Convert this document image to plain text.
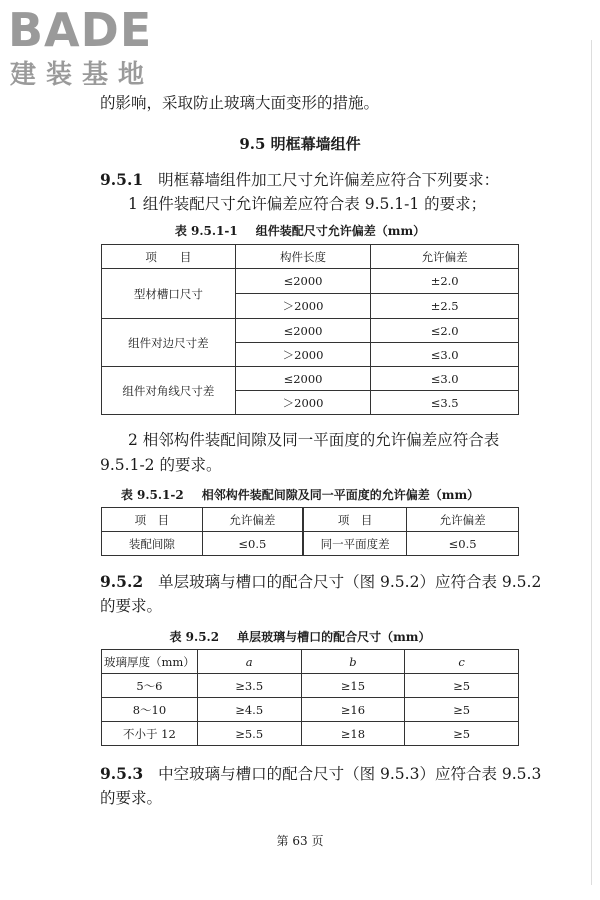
BADE
建装基地
的影响，采取防止玻璃大面变形的措施。
9.5 明框幕墙组件
9.5.1 明框幕墙组件加工尺寸允许偏差应符合下列要求：
1 组件装配尺寸允许偏差应符合表 9.5.1-1 的要求；
表 9.5.1-1 组件装配尺寸允许偏差（mm）
项　　目	构件长度	允许偏差
型材槽口尺寸	≤2000	±2.0
	＞2000	±2.5
组件对边尺寸差	≤2000	≤2.0
	＞2000	≤3.0
组件对角线尺寸差	≤2000	≤3.0
	＞2000	≤3.5
2 相邻构件装配间隙及同一平面度的允许偏差应符合表
9.5.1-2 的要求。
表 9.5.1-2 相邻构件装配间隙及同一平面度的允许偏差（mm）
项　目	允许偏差	项　目	允许偏差
装配间隙	≤0.5	同一平面度差	≤0.5
9.5.2 单层玻璃与槽口的配合尺寸（图 9.5.2）应符合表 9.5.2
的要求。
表 9.5.2 单层玻璃与槽口的配合尺寸（mm）
玻璃厚度（mm）	a	b	c
5～6	≥3.5	≥15	≥5
8～10	≥4.5	≥16	≥5
不小于 12	≥5.5	≥18	≥5
9.5.3 中空玻璃与槽口的配合尺寸（图 9.5.3）应符合表 9.5.3
的要求。
第 63 页
